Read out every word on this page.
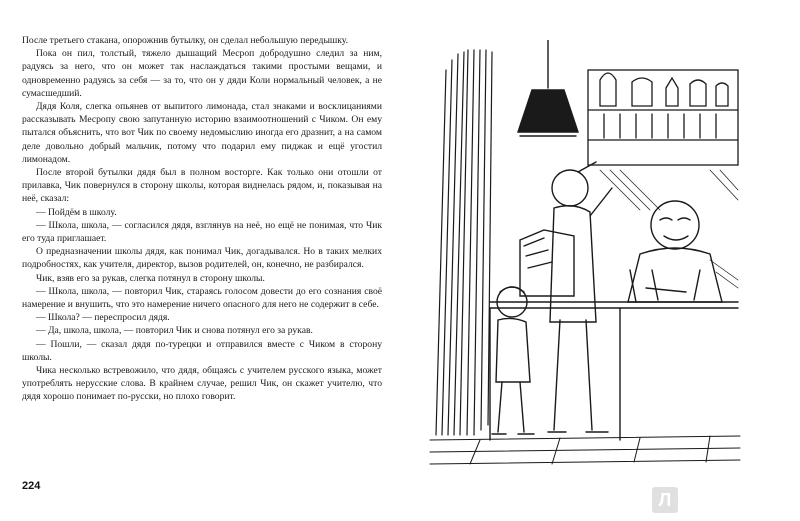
После третьего стакана, опорожнив бутылку, он сделал небольшую передышку.

Пока он пил, толстый, тяжело дышащий Месроп добродушно следил за ним, радуясь за него, что он может так наслаждаться такими простыми вещами, и одновременно радуясь за себя — за то, что он у дяди Коли нормальный человек, а не сумасшедший.

Дядя Коля, слегка опьянев от выпитого лимонада, стал знаками и восклицаниями рассказывать Месропу свою запутанную историю взаимоотношений с Чиком. Он ему пытался объяснить, что вот Чик по своему недомыслию иногда его дразнит, а на самом деле довольно добрый мальчик, потому что подарил ему пиджак и ещё угостил лимонадом.

После второй бутылки дядя был в полном восторге. Как только они отошли от прилавка, Чик повернулся в сторону школы, которая виднелась рядом, и, показывая на неё, сказал:

— Пойдём в школу.

— Школа, школа, — согласился дядя, взглянув на неё, но ещё не понимая, что Чик его туда приглашает.

О предназначении школы дядя, как понимал Чик, догадывался. Но в таких мелких подробностях, как учителя, директор, вызов родителей, он, конечно, не разбирался.

Чик, взяв его за рукав, слегка потянул в сторону школы.

— Школа, школа, — повторил Чик, стараясь голосом довести до его сознания своё намерение и внушить, что это намерение ничего опасного для него не содержит в себе.

— Школа? — переспросил дядя.

— Да, школа, школа, — повторил Чик и снова потянул его за рукав.

— Пошли, — сказал дядя по-турецки и отправился вместе с Чиком в сторону школы.

Чика несколько встревожило, что дядя, общаясь с учителем русского языка, может употреблять нерусские слова. В крайнем случае, решил Чик, он скажет учителю, что дядя хорошо понимает по-русски, но плохо говорит.

224
Л
